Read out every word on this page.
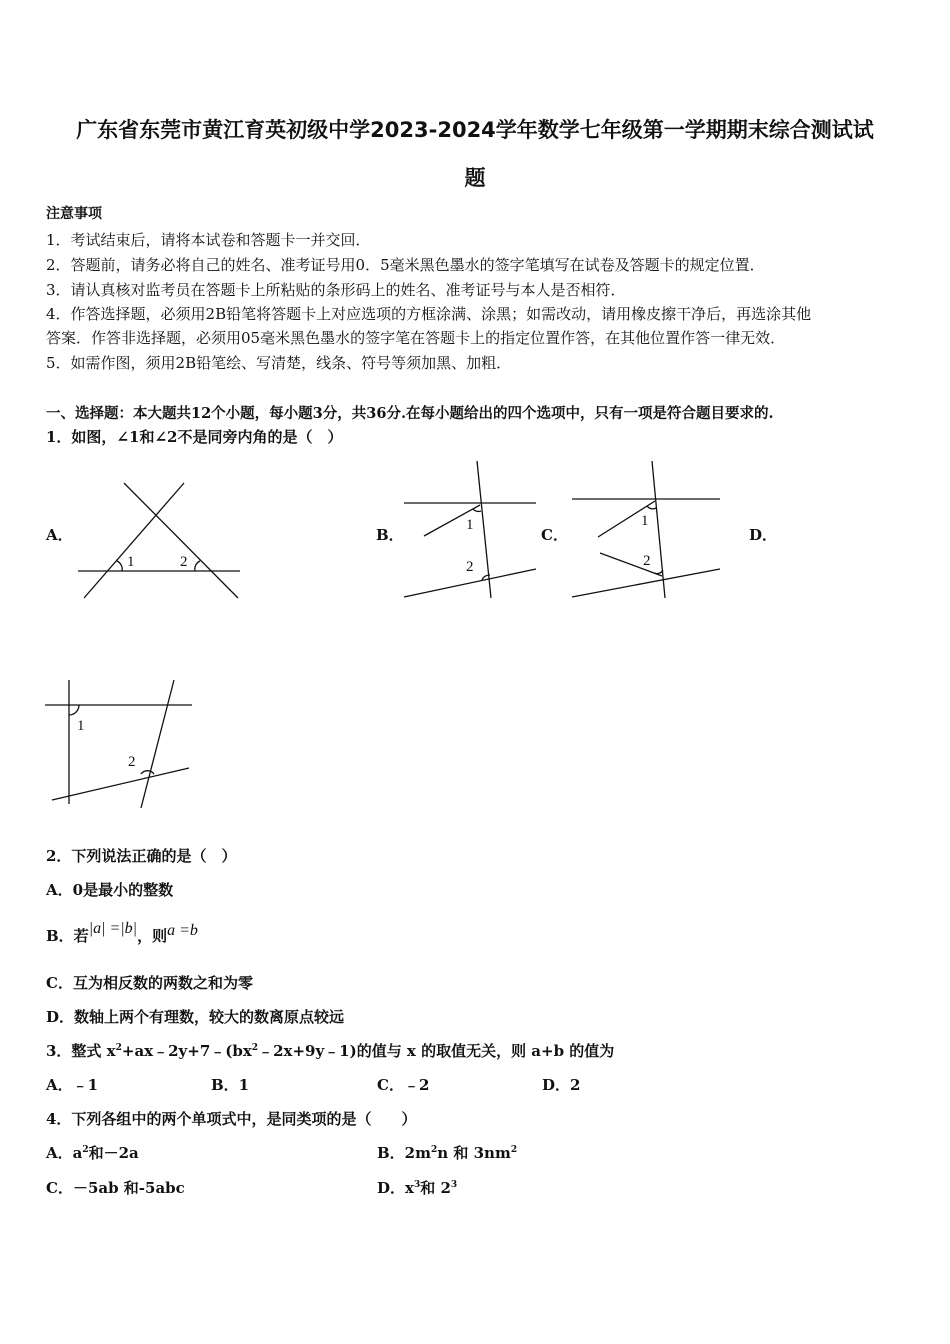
广东省东莞市黄江育英初级中学2023-2024学年数学七年级第一学期期末综合测试试
题
注意事项
1．考试结束后，请将本试卷和答题卡一并交回．
2．答题前，请务必将自己的姓名、准考证号用0．5毫米黑色墨水的签字笔填写在试卷及答题卡的规定位置．
3．请认真核对监考员在答题卡上所粘贴的条形码上的姓名、准考证号与本人是否相符．
4．作答选择题，必须用2B铅笔将答题卡上对应选项的方框涂满、涂黑；如需改动，请用橡皮擦干净后，再选涂其他
答案．作答非选择题，必须用05毫米黑色墨水的签字笔在答题卡上的指定位置作答，在其他位置作答一律无效．
5．如需作图，须用2B铅笔绘、写清楚，线条、符号等须加黑、加粗．
一、选择题：本大题共12个小题，每小题3分，共36分.在每小题给出的四个选项中，只有一项是符合题目要求的.
1．如图，∠1和∠2不是同旁内角的是（　）
A．
1	2
B．
1
2
C．
1
2
D．
1
2
2．下列说法正确的是（　）
A．0是最小的整数
B．若|a| =|b|，则a =b
C．互为相反数的两数之和为零
D．数轴上两个有理数，较大的数离原点较远
3．整式 $x^2+ax﹣2y+7﹣(bx^2﹣2x+9y﹣1)$的值与 x 的取值无关，则 a+b 的值为
A．﹣1	B．1	C．﹣2	D．2
4．下列各组中的两个单项式中，是同类项的是（　　）
A．$a^2$和－2a	B．$2m^2n$ 和 $3nm^2$
C．－5ab 和-5abc	D．$x^3$和 $2^3$
